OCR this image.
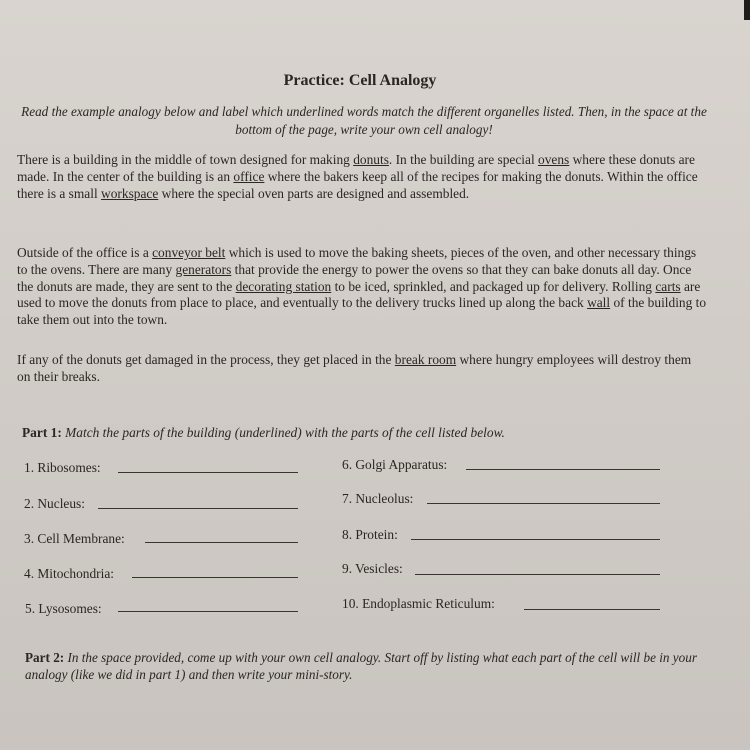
Practice: Cell Analogy
Read the example analogy below and label which underlined words match the different organelles listed. Then, in the space at the bottom of the page, write your own cell analogy!
There is a building in the middle of town designed for making donuts. In the building are special ovens where these donuts are made. In the center of the building is an office where the bakers keep all of the recipes for making the donuts. Within the office there is a small workspace where the special oven parts are designed and assembled.
Outside of the office is a conveyor belt which is used to move the baking sheets, pieces of the oven, and other necessary things to the ovens. There are many generators that provide the energy to power the ovens so that they can bake donuts all day. Once the donuts are made, they are sent to the decorating station to be iced, sprinkled, and packaged up for delivery. Rolling carts are used to move the donuts from place to place, and eventually to the delivery trucks lined up along the back wall of the building to take them out into the town.
If any of the donuts get damaged in the process, they get placed in the break room where hungry employees will destroy them on their breaks.
Part 1: Match the parts of the building (underlined) with the parts of the cell listed below.
1. Ribosomes:
2. Nucleus:
3. Cell Membrane:
4. Mitochondria:
5. Lysosomes:
6. Golgi Apparatus:
7. Nucleolus:
8. Protein:
9. Vesicles:
10. Endoplasmic Reticulum:
Part 2: In the space provided, come up with your own cell analogy. Start off by listing what each part of the cell will be in your analogy (like we did in part 1) and then write your mini-story.
